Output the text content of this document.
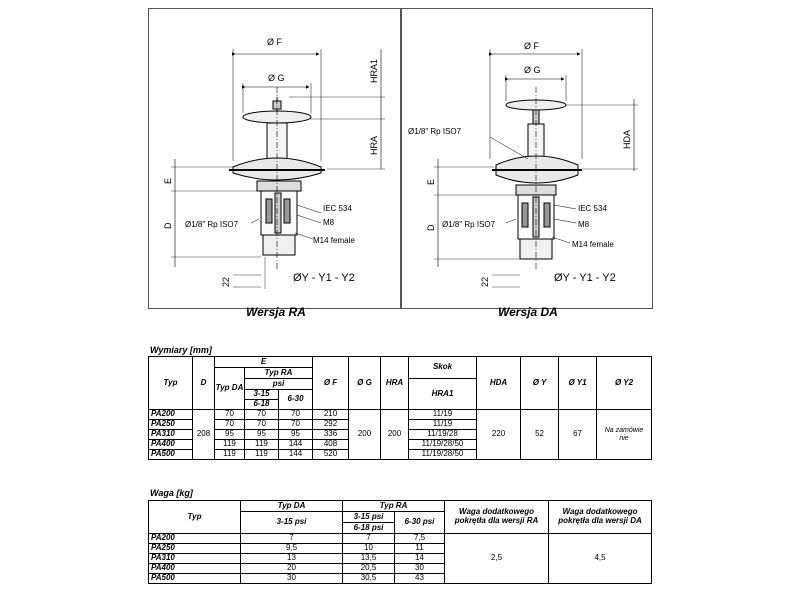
Ø F
Ø G	HRA1
HRA
E
D
IEC 534
M8
Ø1/8" Rp ISO7
M14 female
22	ØY - Y1 - Y2
Ø F
Ø G
HDA
E
D
Ø1/8" Rp ISO7
IEC 534
M8
Ø1/8" Rp ISO7
M14 female
22	ØY - Y1 - Y2
Wersja RA	Wersja DA
Wymiary [mm]
Typ	D	E			Ø F	Ø G	HRA	Skok	HDA	Ø Y	Ø Y1	Ø Y2
		Typ DA	Typ RA									
			psi					HRA1				
			3-15	6-30								
			6-18									
PA200	208	70	70	70	210	200	200	11/19	220	52	67	Na zamówie nie
PA250		70	70	70	292			11/19				
PA310		95	95	95	336			11/19/28				
PA400		119	119	144	408			11/19/28/50				
PA500		119	119	144	520			11/19/28/50				
Waga [kg]
Typ	Typ DA	Typ RA		Waga dodatkowego pokrętła dla wersji RA	Waga dodatkowego pokrętła dla wersji DA
	3-15 psi	3-15 psi	6-30 psi		
		6-18 psi			
PA200	7	7	7,5	2,5	4,5
PA250	9,5	10	11		
PA310	13	13,5	14		
PA400	20	20,5	30		
PA500	30	30,5	43		
